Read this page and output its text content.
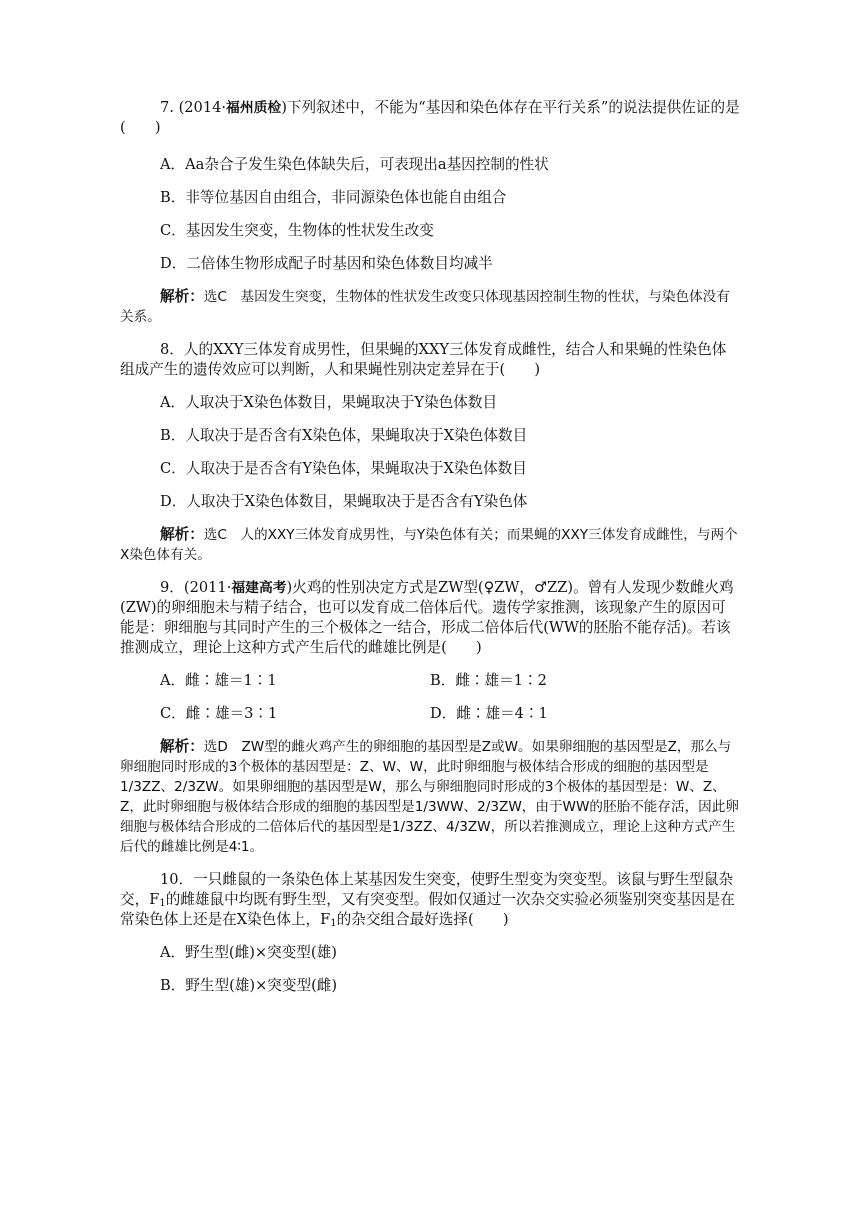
7. (2014·福州质检)下列叙述中，不能为“基因和染色体存在平行关系”的说法提供佐证的是(　　)

A．Aa杂合子发生染色体缺失后，可表现出a基因控制的性状

B．非等位基因自由组合，非同源染色体也能自由组合

C．基因发生突变，生物体的性状发生改变

D．二倍体生物形成配子时基因和染色体数目均减半

解析：选C　基因发生突变，生物体的性状发生改变只体现基因控制生物的性状，与染色体没有关系。

8．人的XXY三体发育成男性，但果蝇的XXY三体发育成雌性，结合人和果蝇的性染色体组成产生的遗传效应可以判断，人和果蝇性别决定差异在于(　　)

A．人取决于X染色体数目，果蝇取决于Y染色体数目

B．人取决于是否含有X染色体，果蝇取决于X染色体数目

C．人取决于是否含有Y染色体，果蝇取决于X染色体数目

D．人取决于X染色体数目，果蝇取决于是否含有Y染色体

解析：选C　人的XXY三体发育成男性，与Y染色体有关；而果蝇的XXY三体发育成雌性，与两个X染色体有关。

9．(2011·福建高考)火鸡的性别决定方式是ZW型(♀ZW，♂ZZ)。曾有人发现少数雌火鸡(ZW)的卵细胞未与精子结合，也可以发育成二倍体后代。遗传学家推测，该现象产生的原因可能是：卵细胞与其同时产生的三个极体之一结合，形成二倍体后代(WW的胚胎不能存活)。若该推测成立，理论上这种方式产生后代的雌雄比例是(　　)

A．雌∶雄＝1∶1	B．雌∶雄＝1∶2
C．雌∶雄＝3∶1	D．雌∶雄＝4∶1

解析：选D　ZW型的雌火鸡产生的卵细胞的基因型是Z或W。如果卵细胞的基因型是Z，那么与卵细胞同时形成的3个极体的基因型是：Z、W、W，此时卵细胞与极体结合形成的细胞的基因型是1/3ZZ、2/3ZW。如果卵细胞的基因型是W，那么与卵细胞同时形成的3个极体的基因型是：W、Z、Z，此时卵细胞与极体结合形成的细胞的基因型是1/3WW、2/3ZW，由于WW的胚胎不能存活，因此卵细胞与极体结合形成的二倍体后代的基因型是1/3ZZ、4/3ZW，所以若推测成立，理论上这种方式产生后代的雌雄比例是4∶1。

10．一只雌鼠的一条染色体上某基因发生突变，使野生型变为突变型。该鼠与野生型鼠杂交，$F_1$的雌雄鼠中均既有野生型，又有突变型。假如仅通过一次杂交实验必须鉴别突变基因是在常染色体上还是在X染色体上，$F_1$的杂交组合最好选择(　　)

A．野生型(雌)×突变型(雄)

B．野生型(雄)×突变型(雌)
